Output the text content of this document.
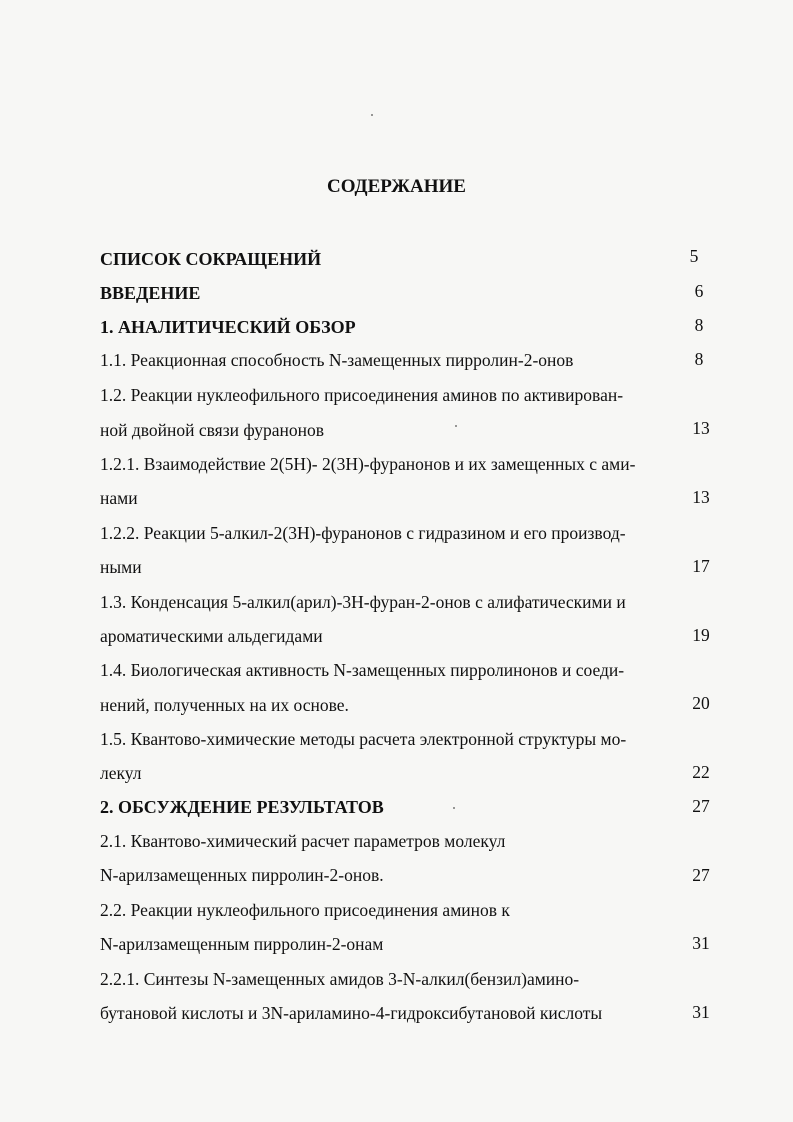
СОДЕРЖАНИЕ
СПИСОК СОКРАЩЕНИЙ	5
ВВЕДЕНИЕ	6
1. АНАЛИТИЧЕСКИЙ ОБЗОР	8
1.1. Реакционная способность N-замещенных пирролин-2-онов	8
1.2. Реакции нуклеофильного присоединения аминов по активирован-
ной двойной связи фуранонов	13
1.2.1. Взаимодействие 2(5H)- 2(3H)-фуранонов и их замещенных с ами-
нами	13
1.2.2. Реакции 5-алкил-2(3H)-фуранонов с гидразином и его производ-
ными	17
1.3. Конденсация 5-алкил(арил)-3H-фуран-2-онов с алифатическими и
ароматическими альдегидами	19
1.4. Биологическая активность N-замещенных пирролинонов и соеди-
нений, полученных на их основе.	20
1.5. Квантово-химические методы расчета электронной структуры мо-
лекул	22
2. ОБСУЖДЕНИЕ РЕЗУЛЬТАТОВ	27
2.1. Квантово-химический расчет параметров молекул
N-арилзамещенных пирролин-2-онов.	27
2.2. Реакции нуклеофильного присоединения аминов к
N-арилзамещенным пирролин-2-онам	31
2.2.1. Синтезы N-замещенных амидов 3-N-алкил(бензил)амино-
бутановой кислоты и 3N-ариламино-4-гидроксибутановой кислоты	31
